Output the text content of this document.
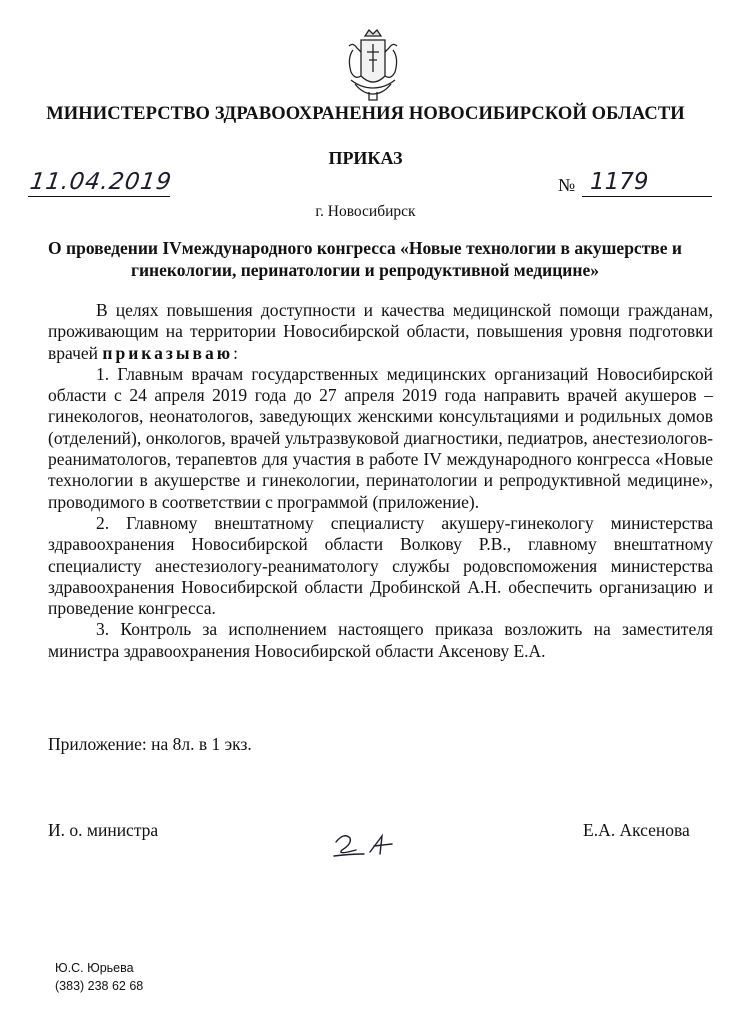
МИНИСТЕРСТВО ЗДРАВООХРАНЕНИЯ НОВОСИБИРСКОЙ ОБЛАСТИ
ПРИКАЗ
11.04.2019	№ 1179
г. Новосибирск
О проведении IVмеждународного конгресса «Новые технологии в акушерстве и гинекологии, перинатологии и репродуктивной медицине»

В целях повышения доступности и качества медицинской помощи гражданам, проживающим на территории Новосибирской области, повышения уровня подготовки врачей приказываю:

1. Главным врачам государственных медицинских организаций Новосибирской области с 24 апреля 2019 года до 27 апреля 2019 года направить врачей акушеров – гинекологов, неонатологов, заведующих женскими консультациями и родильных домов (отделений), онкологов, врачей ультразвуковой диагностики, педиатров, анестезиологов-реаниматологов, терапевтов для участия в работе IV международного конгресса «Новые технологии в акушерстве и гинекологии, перинатологии и репродуктивной медицине», проводимого в соответствии с программой (приложение).

2. Главному внештатному специалисту акушеру-гинекологу министерства здравоохранения Новосибирской области Волкову Р.В., главному внештатному специалисту анестезиологу-реаниматологу службы родовспоможения министерства здравоохранения Новосибирской области Дробинской А.Н. обеспечить организацию и проведение конгресса.

3. Контроль за исполнением настоящего приказа возложить на заместителя министра здравоохранения Новосибирской области Аксенову Е.А.

Приложение: на 8л. в 1 экз.
И. о. министра	Е.А. Аксенова
Ю.С. Юрьева
(383) 238 62 68
